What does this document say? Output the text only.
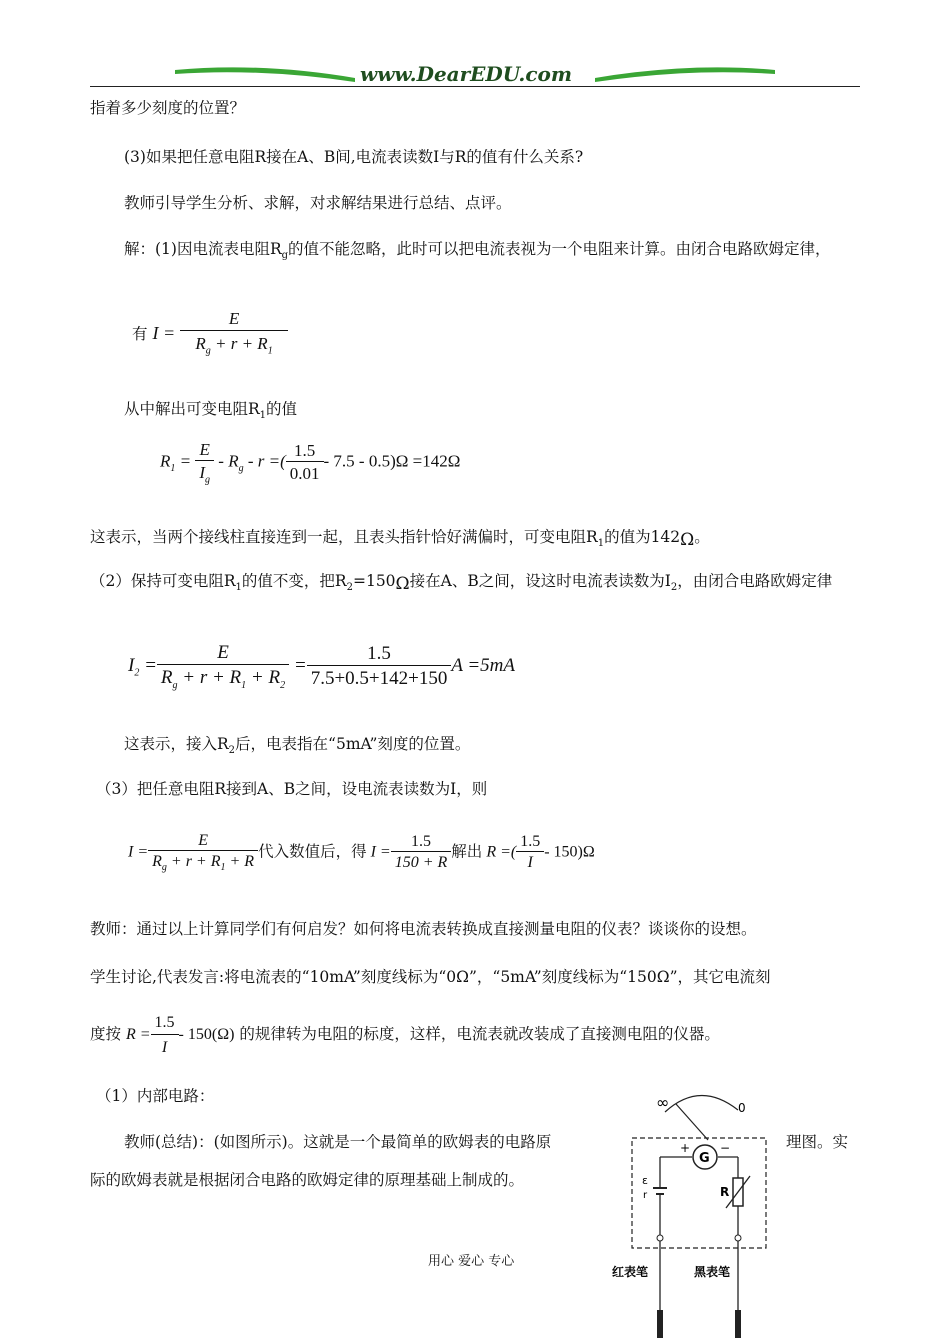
www.DearEDU.com
指着多少刻度的位置？
(3)如果把任意电阻R接在A、B间,电流表读数I与R的值有什么关系?
教师引导学生分析、求解，对求解结果进行总结、点评。
解：(1)因电流表电阻$R_g$的值不能忽略，此时可以把电流表视为一个电阻来计算。由闭合电路欧姆定律，
有 $I = \frac{E}{R_g + r + R_1}$
从中解出可变电阻$R_1$的值
$R_1 = \frac{E}{I_g} - R_g - r$ =( $\frac{1.5}{0.01} - 7.5 - 0.5)\Omega =142\Omega$
这表示，当两个接线柱直接连到一起，且表头指针恰好满偏时，可变电阻$R_1$的值为142Ω。
（2）保持可变电阻$R_1$的值不变，把$R_2=150\Omega$接在A、B之间，设这时电流表读数为$I_2$，由闭合电路欧姆定律
$I_2 = \frac{E}{R_g + r + R_1 + R_2} = \frac{1.5}{7.5+0.5+142+150}$ A =5mA
这表示，接入$R_2$后，电表指在“5mA”刻度的位置。
（3）把任意电阻R接到A、B之间，设电流表读数为I，则
$I = \frac{E}{R_g + r + R_1 + R}$ 代入数值后，得 $I = \frac{1.5}{150 + R}$ 解出 R =( $\frac{1.5}{I} - 150)\Omega$
教师：通过以上计算同学们有何启发？如何将电流表转换成直接测量电阻的仪表？谈谈你的设想。
学生讨论,代表发言:将电流表的“10mA”刻度线标为“0Ω”，“5mA”刻度线标为“150Ω”，其它电流刻
度按 $R = \frac{1.5}{I} - 150(\Omega)$ 的规律转为电阻的标度，这样，电流表就改装成了直接测电阻的仪器。
（1）内部电路：
教师(总结)：(如图所示)。这就是一个最简单的欧姆表的电路原	理图。实
际的欧姆表就是根据闭合电路的欧姆定律的原理基础上制成的。
∞	0
G
+ −
ε
r	R
红表笔	黑表笔
用心 爱心 专心
